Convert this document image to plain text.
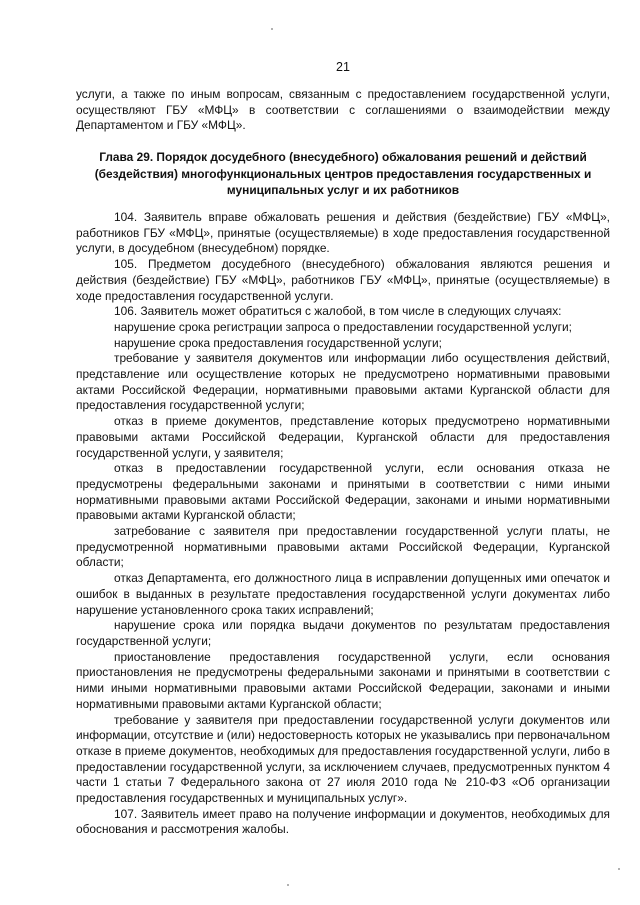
21

услуги, а также по иным вопросам, связанным с предоставлением государственной услуги, осуществляют ГБУ «МФЦ» в соответствии с соглашениями о взаимодействии между Департаментом и ГБУ «МФЦ».

Глава 29. Порядок досудебного (внесудебного) обжалования решений и действий (бездействия) многофункциональных центров предоставления государственных и муниципальных услуг и их работников

104. Заявитель вправе обжаловать решения и действия (бездействие) ГБУ «МФЦ», работников ГБУ «МФЦ», принятые (осуществляемые) в ходе предоставления государственной услуги, в досудебном (внесудебном) порядке.

105. Предметом досудебного (внесудебного) обжалования являются решения и действия (бездействие) ГБУ «МФЦ», работников ГБУ «МФЦ», принятые (осуществляемые) в ходе предоставления государственной услуги.

106. Заявитель может обратиться с жалобой, в том числе в следующих случаях:

нарушение срока регистрации запроса о предоставлении государственной услуги;

нарушение срока предоставления государственной услуги;

требование у заявителя документов или информации либо осуществления действий, представление или осуществление которых не предусмотрено нормативными правовыми актами Российской Федерации, нормативными правовыми актами Курганской области для предоставления государственной услуги;

отказ в приеме документов, представление которых предусмотрено нормативными правовыми актами Российской Федерации, Курганской области для предоставления государственной услуги, у заявителя;

отказ в предоставлении государственной услуги, если основания отказа не предусмотрены федеральными законами и принятыми в соответствии с ними иными нормативными правовыми актами Российской Федерации, законами и иными нормативными правовыми актами Курганской области;

затребование с заявителя при предоставлении государственной услуги платы, не предусмотренной нормативными правовыми актами Российской Федерации, Курганской области;

отказ Департамента, его должностного лица в исправлении допущенных ими опечаток и ошибок в выданных в результате предоставления государственной услуги документах либо нарушение установленного срока таких исправлений;

нарушение срока или порядка выдачи документов по результатам предоставления государственной услуги;

приостановление предоставления государственной услуги, если основания приостановления не предусмотрены федеральными законами и принятыми в соответствии с ними иными нормативными правовыми актами Российской Федерации, законами и иными нормативными правовыми актами Курганской области;

требование у заявителя при предоставлении государственной услуги документов или информации, отсутствие и (или) недостоверность которых не указывались при первоначальном отказе в приеме документов, необходимых для предоставления государственной услуги, либо в предоставлении государственной услуги, за исключением случаев, предусмотренных пунктом 4 части 1 статьи 7 Федерального закона от 27 июля 2010 года № 210-ФЗ «Об организации предоставления государственных и муниципальных услуг».

107. Заявитель имеет право на получение информации и документов, необходимых для обоснования и рассмотрения жалобы.
